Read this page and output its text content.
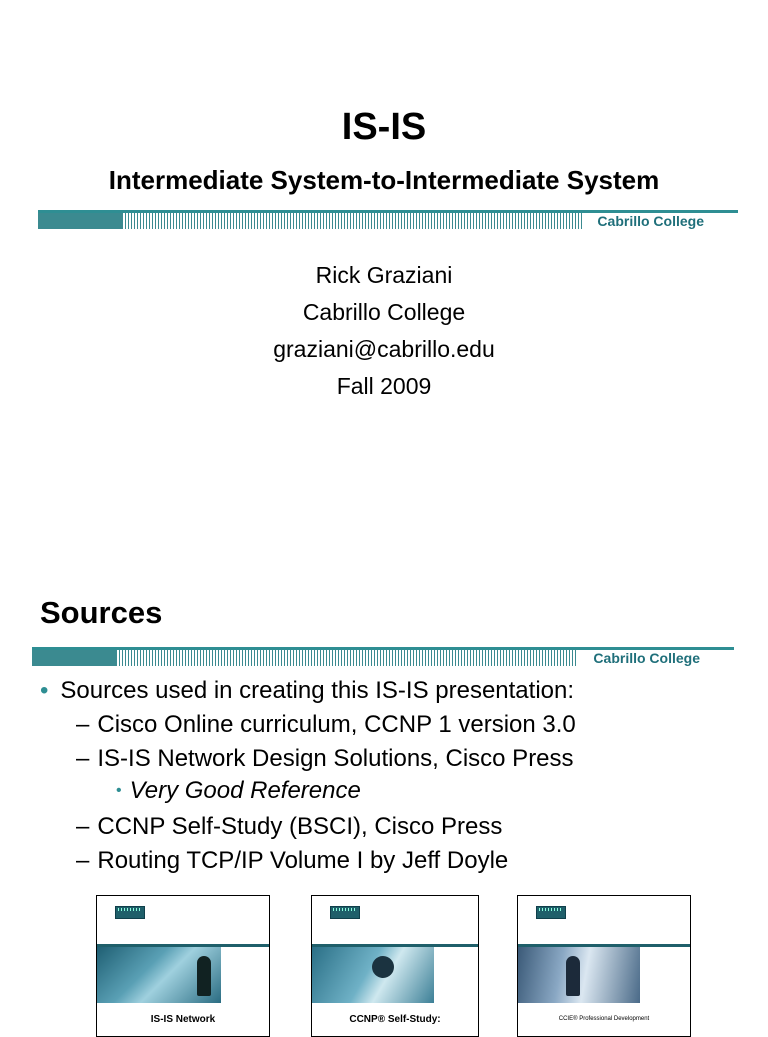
IS-IS
Intermediate System-to-Intermediate System
Cabrillo College
Rick Graziani
Cabrillo College
graziani@cabrillo.edu
Fall 2009
Sources
Cabrillo College
• Sources used in creating this IS-IS presentation:
– Cisco Online curriculum, CCNP 1 version 3.0
– IS-IS Network Design Solutions, Cisco Press
• Very Good Reference
– CCNP Self-Study (BSCI), Cisco Press
– Routing TCP/IP Volume I by Jeff Doyle
IS-IS Network	CCNP® Self-Study:	CCIE® Professional Development
